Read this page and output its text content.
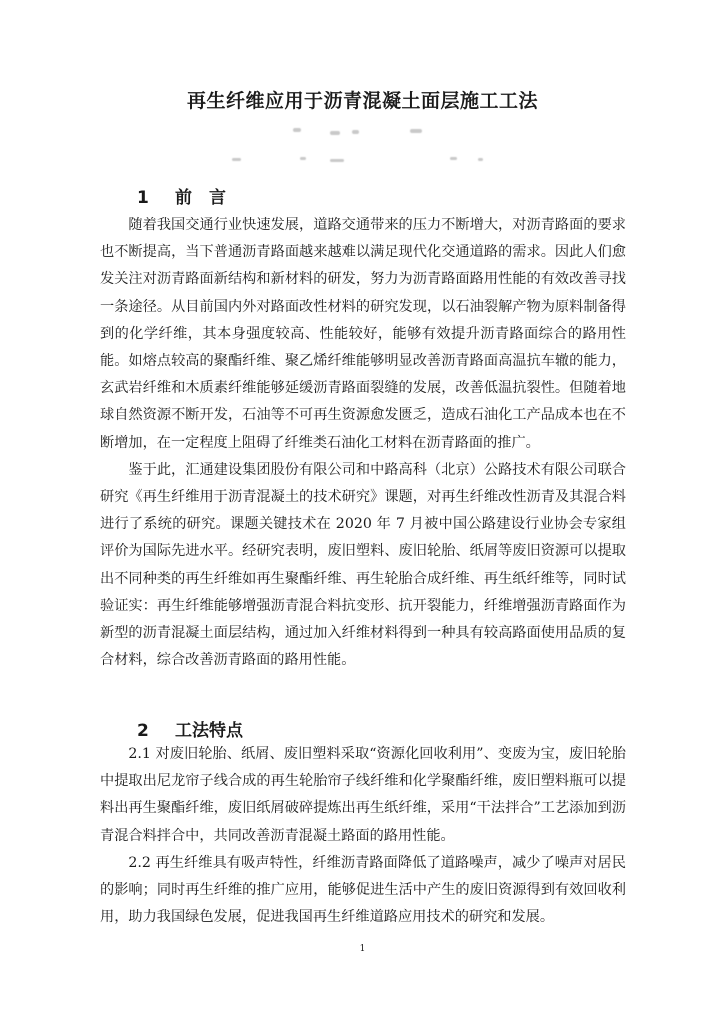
再生纤维应用于沥青混凝土面层施工工法
1 前　言

随着我国交通行业快速发展，道路交通带来的压力不断增大，对沥青路面的要求也不断提高，当下普通沥青路面越来越难以满足现代化交通道路的需求。因此人们愈发关注对沥青路面新结构和新材料的研发，努力为沥青路面路用性能的有效改善寻找一条途径。从目前国内外对路面改性材料的研究发现，以石油裂解产物为原料制备得到的化学纤维，其本身强度较高、性能较好，能够有效提升沥青路面综合的路用性能。如熔点较高的聚酯纤维、聚乙烯纤维能够明显改善沥青路面高温抗车辙的能力，玄武岩纤维和木质素纤维能够延缓沥青路面裂缝的发展，改善低温抗裂性。但随着地球自然资源不断开发，石油等不可再生资源愈发匮乏，造成石油化工产品成本也在不断增加，在一定程度上阻碍了纤维类石油化工材料在沥青路面的推广。

鉴于此，汇通建设集团股份有限公司和中路高科（北京）公路技术有限公司联合研究《再生纤维用于沥青混凝土的技术研究》课题，对再生纤维改性沥青及其混合料进行了系统的研究。课题关键技术在 2020 年 7 月被中国公路建设行业协会专家组评价为国际先进水平。经研究表明，废旧塑料、废旧轮胎、纸屑等废旧资源可以提取出不同种类的再生纤维如再生聚酯纤维、再生轮胎合成纤维、再生纸纤维等，同时试验证实：再生纤维能够增强沥青混合料抗变形、抗开裂能力，纤维增强沥青路面作为新型的沥青混凝土面层结构，通过加入纤维材料得到一种具有较高路面使用品质的复合材料，综合改善沥青路面的路用性能。

2 工法特点

2.1 对废旧轮胎、纸屑、废旧塑料采取“资源化回收利用”、变废为宝，废旧轮胎中提取出尼龙帘子线合成的再生轮胎帘子线纤维和化学聚酯纤维，废旧塑料瓶可以提料出再生聚酯纤维，废旧纸屑破碎提炼出再生纸纤维，采用“干法拌合”工艺添加到沥青混合料拌合中，共同改善沥青混凝土路面的路用性能。

2.2 再生纤维具有吸声特性，纤维沥青路面降低了道路噪声，减少了噪声对居民的影响；同时再生纤维的推广应用，能够促进生活中产生的废旧资源得到有效回收利用，助力我国绿色发展，促进我国再生纤维道路应用技术的研究和发展。

1
